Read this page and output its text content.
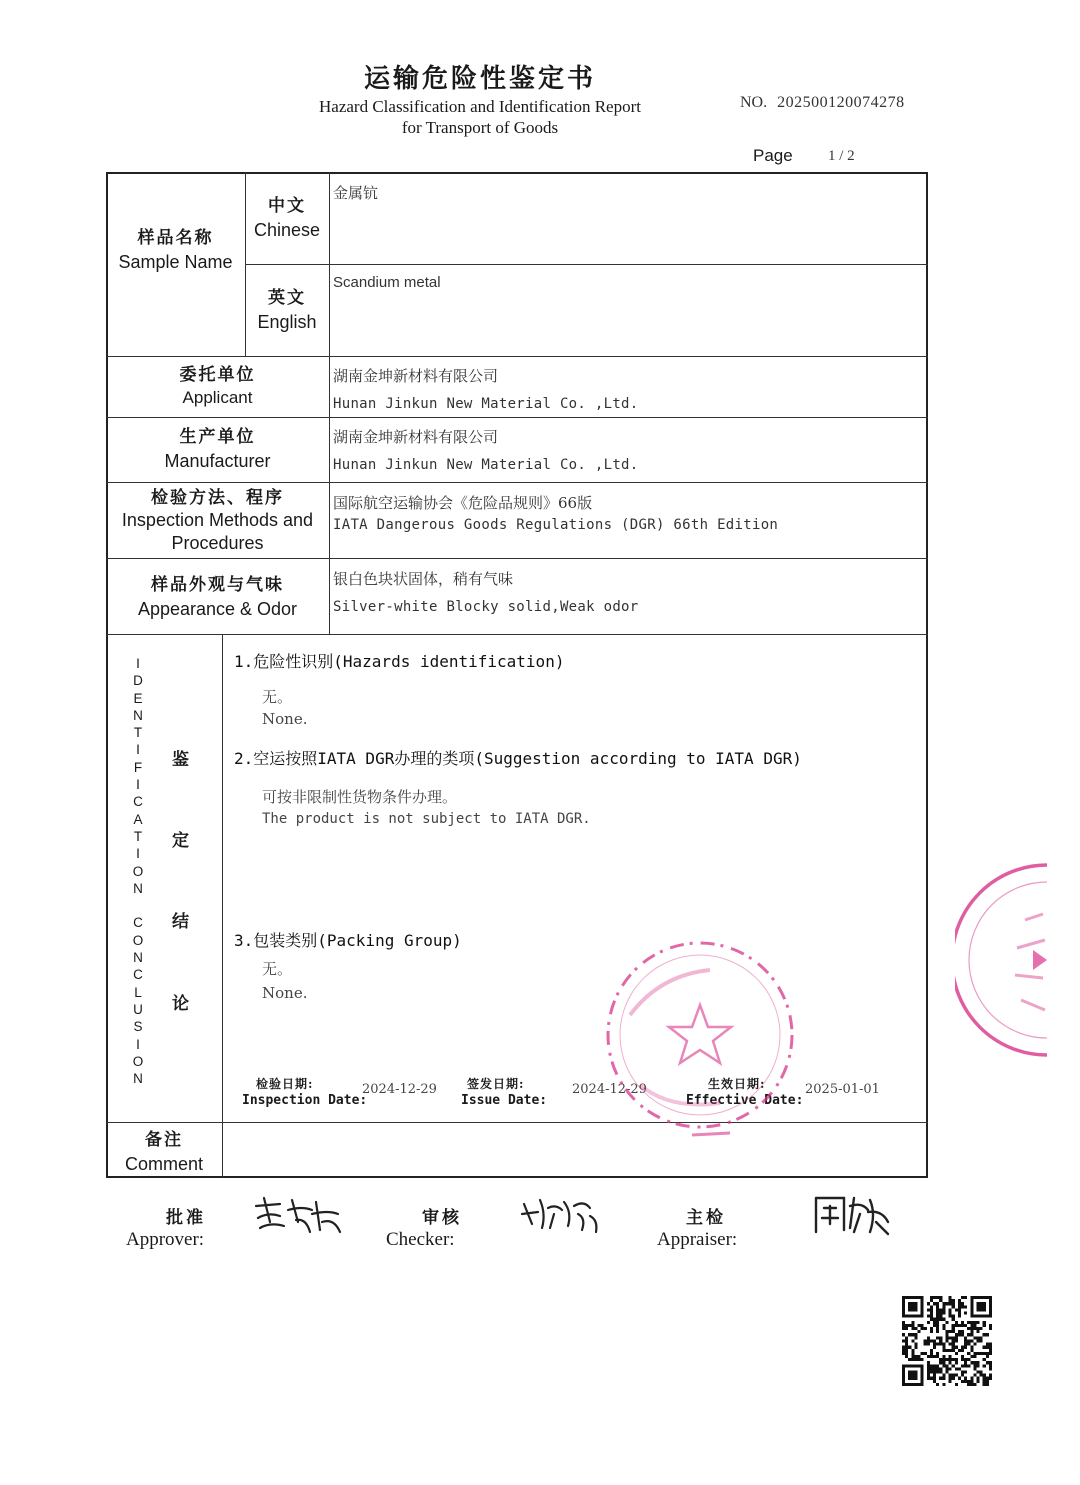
运输危险性鉴定书
Hazard Classification and Identification Report
for Transport of Goods
NO. 202500120074278
Page 1 / 2
样品名称
Sample Name
中文
Chinese
金属钪
英文
English
Scandium metal
委托单位
Applicant
湖南金坤新材料有限公司
Hunan Jinkun New Material Co. ,Ltd.
生产单位
Manufacturer
湖南金坤新材料有限公司
Hunan Jinkun New Material Co. ,Ltd.
检验方法、程序
Inspection Methods and
Procedures
国际航空运输协会《危险品规则》66版
IATA Dangerous Goods Regulations (DGR) 66th Edition
样品外观与气味
Appearance & Odor
银白色块状固体，稍有气味
Silver-white Blocky solid,Weak odor
I
D
E
N
T
I
F
I
C
A
T
I
O
N

C
O
N
C
L
U
S
I
O
N
鉴
定
结
论
1.危险性识别(Hazards identification)
无。
None.
2.空运按照IATA DGR办理的类项(Suggestion according to IATA DGR)
可按非限制性货物条件办理。
The product is not subject to IATA DGR.
3.包装类别(Packing Group)
无。
None.
检验日期:
Inspection Date:
2024-12-29	签发日期:
Issue Date:
2024-12-29	生效日期:
Effective Date:
2025-01-01
备注
Comment
批准
Approver:
审核
Checker:
主检
Appraiser:
